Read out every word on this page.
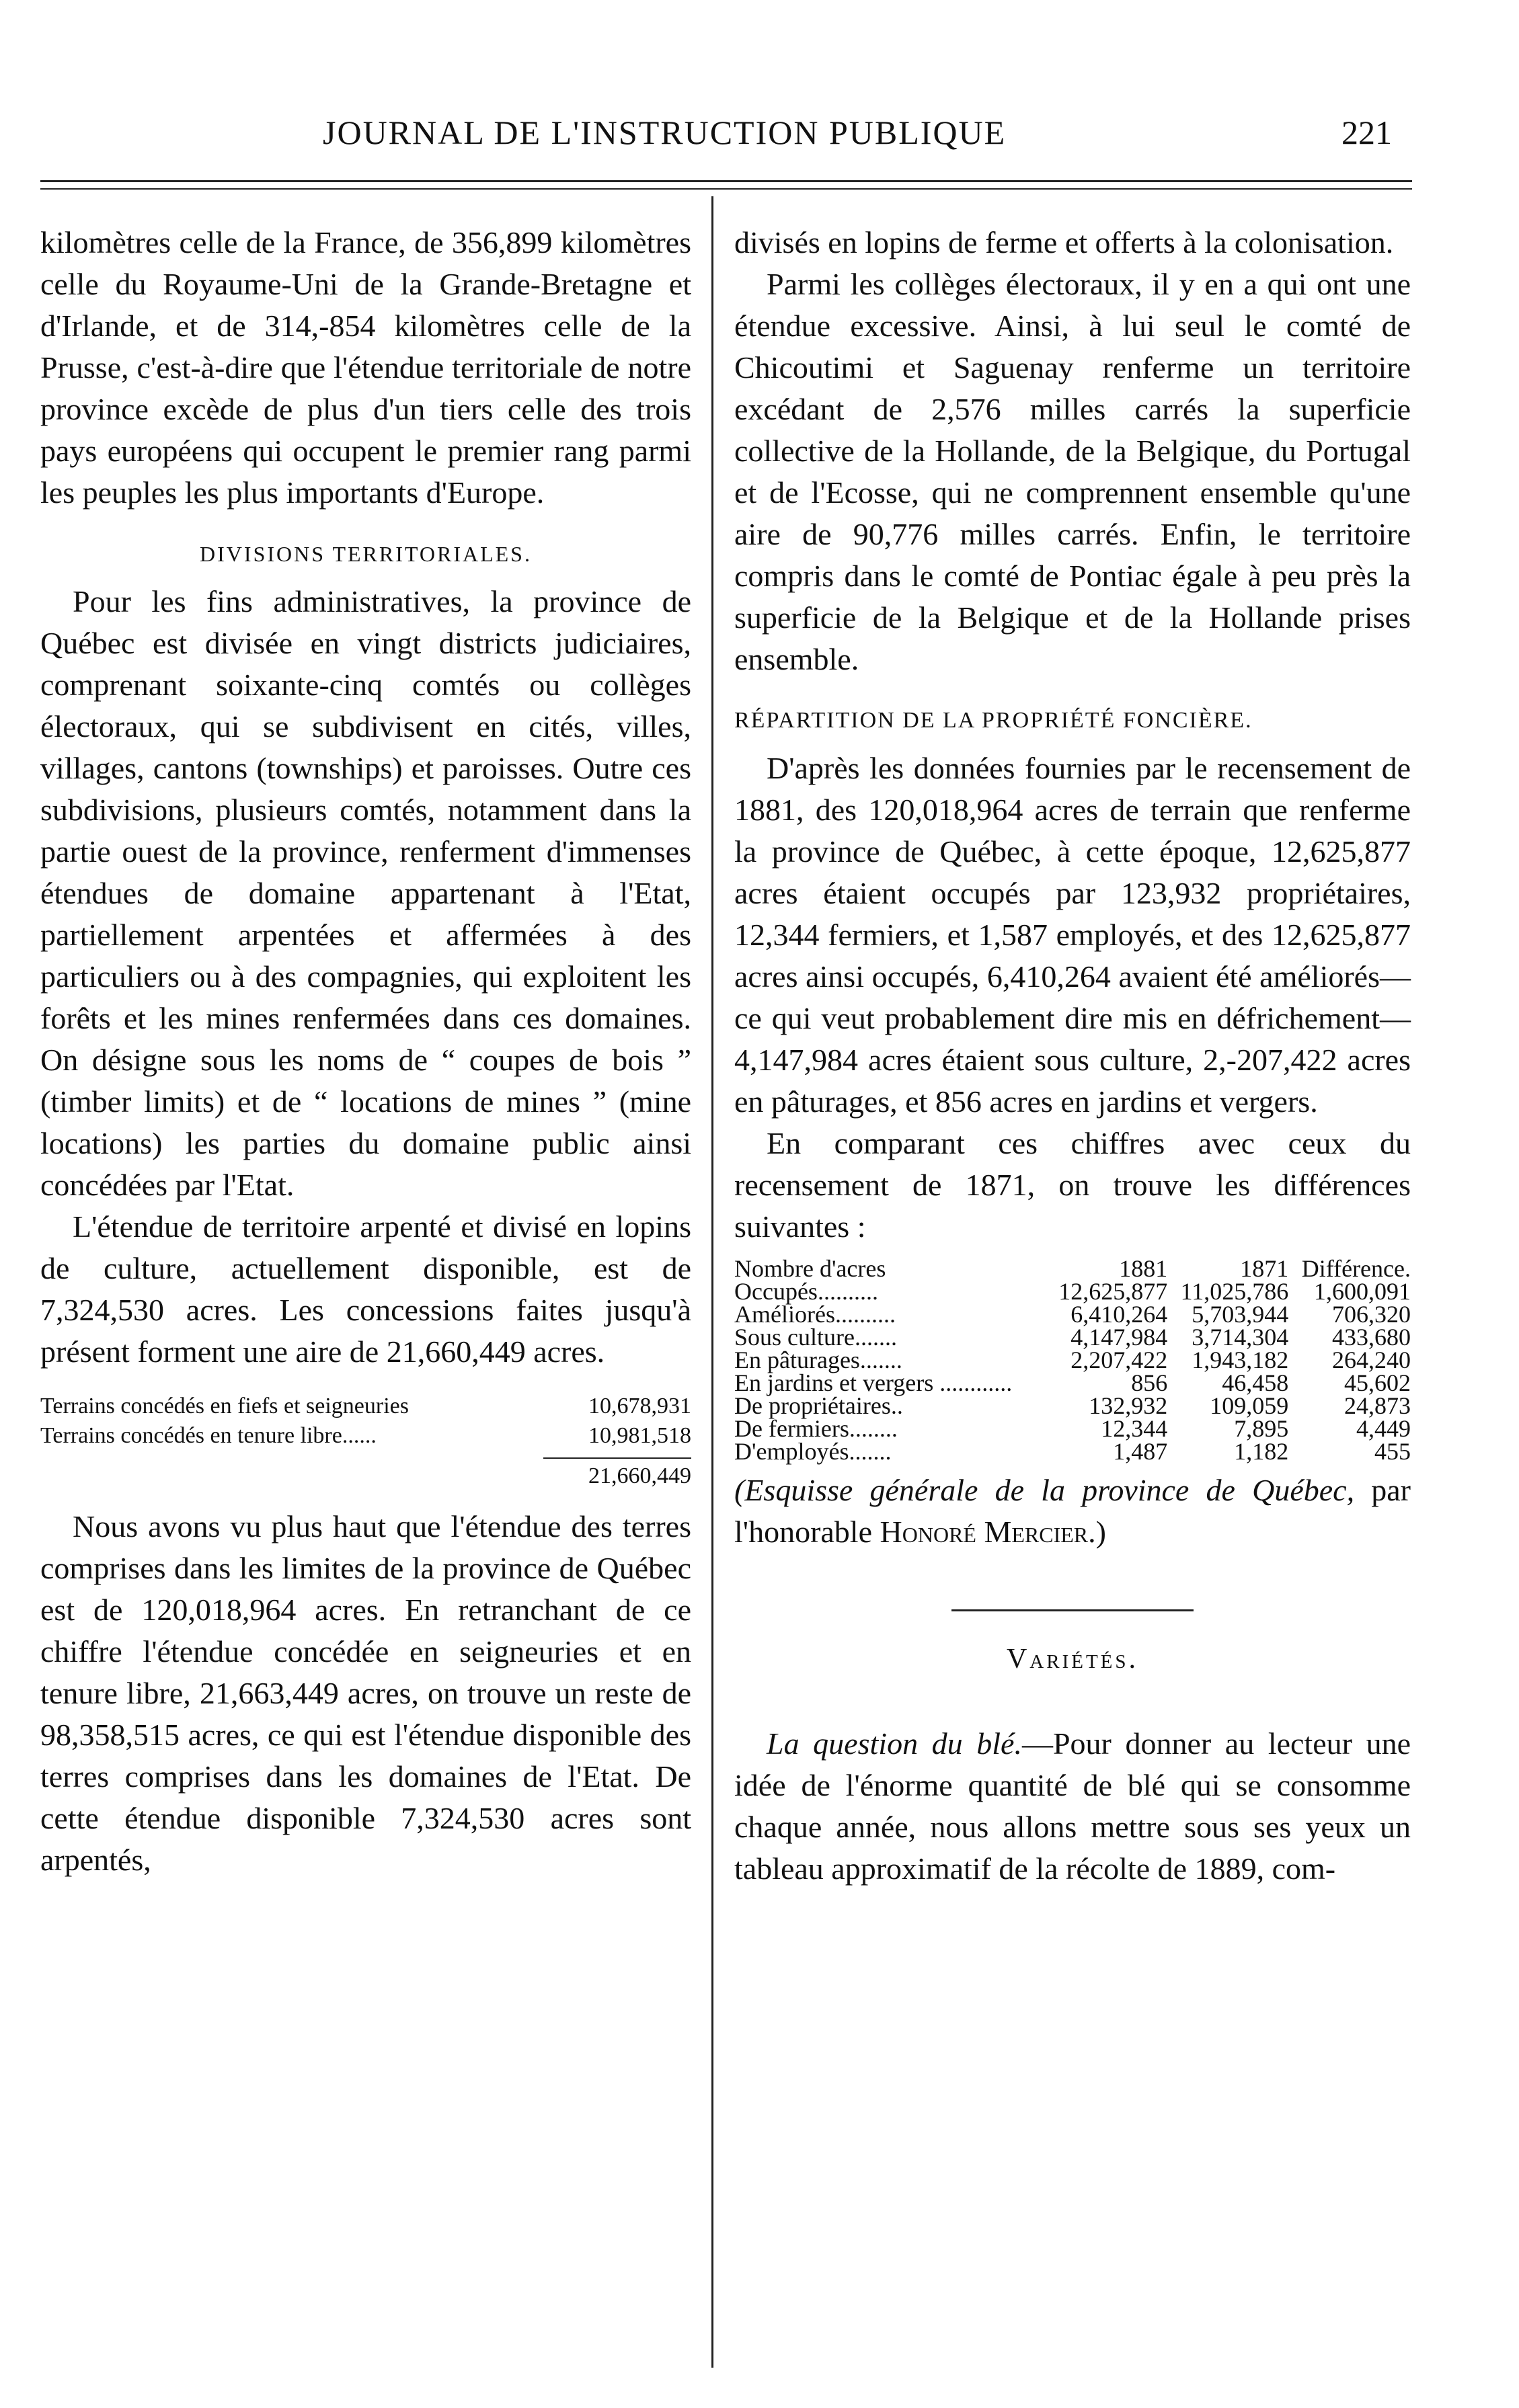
JOURNAL DE L'INSTRUCTION PUBLIQUE	221

kilomètres celle de la France, de 356,899 kilomètres celle du Royaume-Uni de la Grande-Bretagne et d'Irlande, et de 314,-854 kilomètres celle de la Prusse, c'est-à-dire que l'étendue territoriale de notre province excède de plus d'un tiers celle des trois pays européens qui occupent le premier rang parmi les peuples les plus importants d'Europe.

DIVISIONS TERRITORIALES.

Pour les fins administratives, la province de Québec est divisée en vingt districts judiciaires, comprenant soixante-cinq comtés ou collèges électoraux, qui se subdivisent en cités, villes, villages, cantons (townships) et paroisses. Outre ces subdivisions, plusieurs comtés, notamment dans la partie ouest de la province, renferment d'immenses étendues de domaine appartenant à l'Etat, partiellement arpentées et affermées à des particuliers ou à des compagnies, qui exploitent les forêts et les mines renfermées dans ces domaines. On désigne sous les noms de “ coupes de bois ” (timber limits) et de “ locations de mines ” (mine locations) les parties du domaine public ainsi concédées par l'Etat.

L'étendue de territoire arpenté et divisé en lopins de culture, actuellement disponible, est de 7,324,530 acres. Les concessions faites jusqu'à présent forment une aire de 21,660,449 acres.

Terrains concédés en fiefs et seigneuries	10,678,931
Terrains concédés en tenure libre......	10,981,518
21,660,449

Nous avons vu plus haut que l'étendue des terres comprises dans les limites de la province de Québec est de 120,018,964 acres. En retranchant de ce chiffre l'étendue concédée en seigneuries et en tenure libre, 21,663,449 acres, on trouve un reste de 98,358,515 acres, ce qui est l'étendue disponible des terres comprises dans les domaines de l'Etat. De cette étendue disponible 7,324,530 acres sont arpentés,

divisés en lopins de ferme et offerts à la colonisation.

Parmi les collèges électoraux, il y en a qui ont une étendue excessive. Ainsi, à lui seul le comté de Chicoutimi et Saguenay renferme un territoire excédant de 2,576 milles carrés la superficie collective de la Hollande, de la Belgique, du Portugal et de l'Ecosse, qui ne comprennent ensemble qu'une aire de 90,776 milles carrés. Enfin, le territoire compris dans le comté de Pontiac égale à peu près la superficie de la Belgique et de la Hollande prises ensemble.

RÉPARTITION DE LA PROPRIÉTÉ FONCIÈRE.

D'après les données fournies par le recensement de 1881, des 120,018,964 acres de terrain que renferme la province de Québec, à cette époque, 12,625,877 acres étaient occupés par 123,932 propriétaires, 12,344 fermiers, et 1,587 employés, et des 12,625,877 acres ainsi occupés, 6,410,264 avaient été améliorés—ce qui veut probablement dire mis en défrichement—4,147,984 acres étaient sous culture, 2,-207,422 acres en pâturages, et 856 acres en jardins et vergers.

En comparant ces chiffres avec ceux du recensement de 1871, on trouve les différences suivantes :

Nombre d'acres	1881	1871	Différence.
Occupés..........	12,625,877	11,025,786	1,600,091
Améliorés..........	6,410,264	5,703,944	706,320
Sous culture.......	4,147,984	3,714,304	433,680
En pâturages.......	2,207,422	1,943,182	264,240
En jardins et vergers ............	856	46,458	45,602
De propriétaires..	132,932	109,059	24,873
De fermiers........	12,344	7,895	4,449
D'employés.......	1,487	1,182	455

(Esquisse générale de la province de Québec, par l'honorable Honoré Mercier.)

Variétés.

La question du blé.—Pour donner au lecteur une idée de l'énorme quantité de blé qui se consomme chaque année, nous allons mettre sous ses yeux un tableau approximatif de la récolte de 1889, com-
